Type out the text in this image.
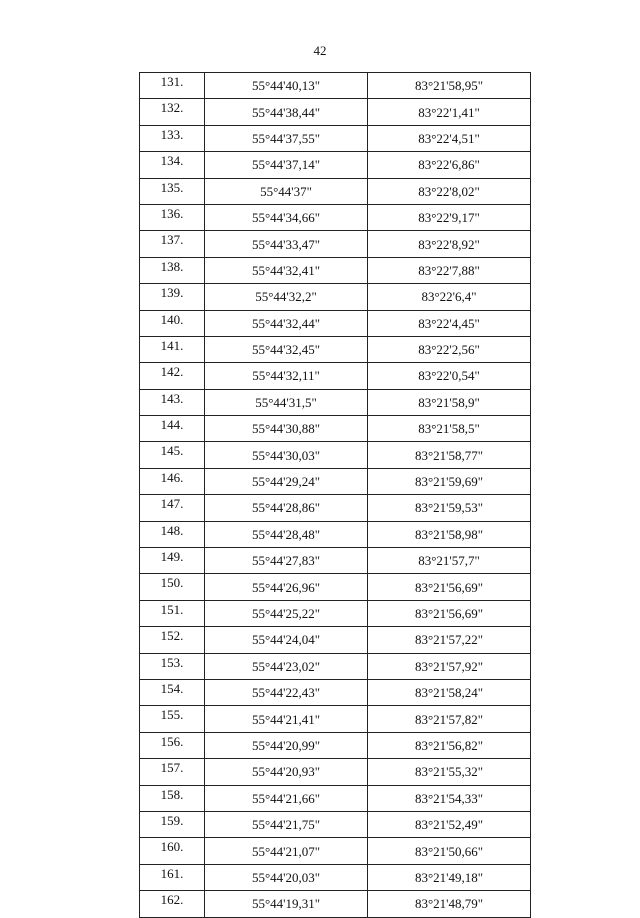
42
131.	55°44'40,13"	83°21'58,95"
132.	55°44'38,44"	83°22'1,41"
133.	55°44'37,55"	83°22'4,51"
134.	55°44'37,14"	83°22'6,86"
135.	55°44'37"	83°22'8,02"
136.	55°44'34,66"	83°22'9,17"
137.	55°44'33,47"	83°22'8,92"
138.	55°44'32,41"	83°22'7,88"
139.	55°44'32,2"	83°22'6,4"
140.	55°44'32,44"	83°22'4,45"
141.	55°44'32,45"	83°22'2,56"
142.	55°44'32,11"	83°22'0,54"
143.	55°44'31,5"	83°21'58,9"
144.	55°44'30,88"	83°21'58,5"
145.	55°44'30,03"	83°21'58,77"
146.	55°44'29,24"	83°21'59,69"
147.	55°44'28,86"	83°21'59,53"
148.	55°44'28,48"	83°21'58,98"
149.	55°44'27,83"	83°21'57,7"
150.	55°44'26,96"	83°21'56,69"
151.	55°44'25,22"	83°21'56,69"
152.	55°44'24,04"	83°21'57,22"
153.	55°44'23,02"	83°21'57,92"
154.	55°44'22,43"	83°21'58,24"
155.	55°44'21,41"	83°21'57,82"
156.	55°44'20,99"	83°21'56,82"
157.	55°44'20,93"	83°21'55,32"
158.	55°44'21,66"	83°21'54,33"
159.	55°44'21,75"	83°21'52,49"
160.	55°44'21,07"	83°21'50,66"
161.	55°44'20,03"	83°21'49,18"
162.	55°44'19,31"	83°21'48,79"
